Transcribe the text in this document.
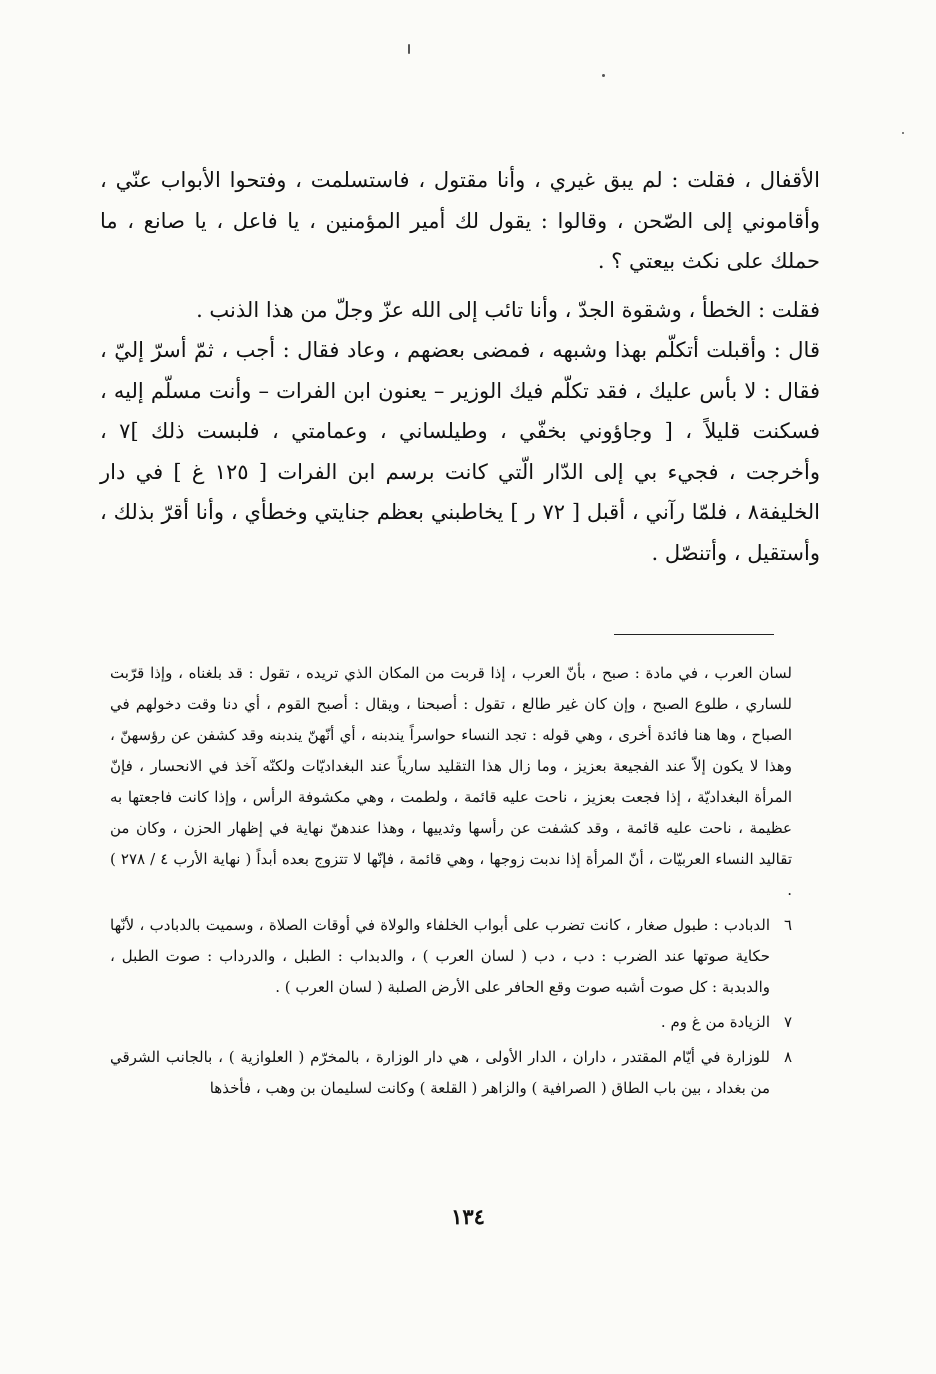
الأقفال ، فقلت : لم يبق غيري ، وأنا مقتول ، فاستسلمت ، وفتحوا الأبواب عنّي ، وأقاموني إلى الصّحن ، وقالوا : يقول لك أمير المؤمنين ، يا فاعل ، يا صانع ، ما حملك على نكث بيعتي ؟ .

فقلت : الخطأ ، وشقوة الجدّ ، وأنا تائب إلى الله عزّ وجلّ من هذا الذنب .

قال : وأقبلت أتكلّم بهذا وشبهه ، فمضى بعضهم ، وعاد فقال : أجب ، ثمّ أسرّ إليّ ، فقال : لا بأس عليك ، فقد تكلّم فيك الوزير – يعنون ابن الفرات – وأنت مسلّم إليه ، فسكنت قليلاً ، [ وجاؤوني بخفّي ، وطيلساني ، وعمامتي ، فلبست ذلك ]٧ ، وأخرجت ، فجيء بي إلى الدّار الّتي كانت برسم ابن الفرات [ ١٢٥ غ ] في دار الخليفة٨ ، فلمّا رآني ، أقبل [ ٧٢ ر ] يخاطبني بعظم جنايتي وخطأي ، وأنا أقرّ بذلك ، وأستقيل ، وأتنصّل .

لسان العرب ، في مادة : صبح ، بأنّ العرب ، إذا قربت من المكان الذي تريده ، تقول : قد بلغناه ، وإذا قرّبت للساري ، طلوع الصبح ، وإن كان غير طالع ، تقول : أصبحنا ، ويقال : أصبح القوم ، أي دنا وقت دخولهم في الصباح ، وها هنا فائدة أخرى ، وهي قوله : تجد النساء حواسراً يندبنه ، أي أنّهنّ يندبنه وقد كشفن عن رؤسهنّ ، وهذا لا يكون إلاّ عند الفجيعة بعزيز ، وما زال هذا التقليد سارياً عند البغداديّات ولكنّه آخذ في الانحسار ، فإنّ المرأة البغداديّة ، إذا فجعت بعزيز ، ناحت عليه قائمة ، ولطمت ، وهي مكشوفة الرأس ، وإذا كانت فاجعتها به عظيمة ، ناحت عليه قائمة ، وقد كشفت عن رأسها وثدييها ، وهذا عندهنّ نهاية في إظهار الحزن ، وكان من تقاليد النساء العربيّات ، أنّ المرأة إذا ندبت زوجها ، وهي قائمة ، فإنّها لا تتزوج بعده أبداً ( نهاية الأرب ٤ / ٢٧٨ ) .

٦
الدبادب : طبول صغار ، كانت تضرب على أبواب الخلفاء والولاة في أوقات الصلاة ، وسميت بالدبادب ، لأنّها حكاية صوتها عند الضرب : دب ، دب ( لسان العرب ) ، والدبداب : الطبل ، والدرداب : صوت الطبل ، والدبدبة : كل صوت أشبه صوت وقع الحافر على الأرض الصلبة ( لسان العرب ) .
٧
الزيادة من غ وم .
٨
للوزارة في أيّام المقتدر ، داران ، الدار الأولى ، هي دار الوزارة ، بالمخرّم ( العلوازية ) ، بالجانب الشرقي من بغداد ، بين باب الطاق ( الصرافية ) والزاهر ( القلعة ) وكانت لسليمان بن وهب ، فأخذها
١٣٤
